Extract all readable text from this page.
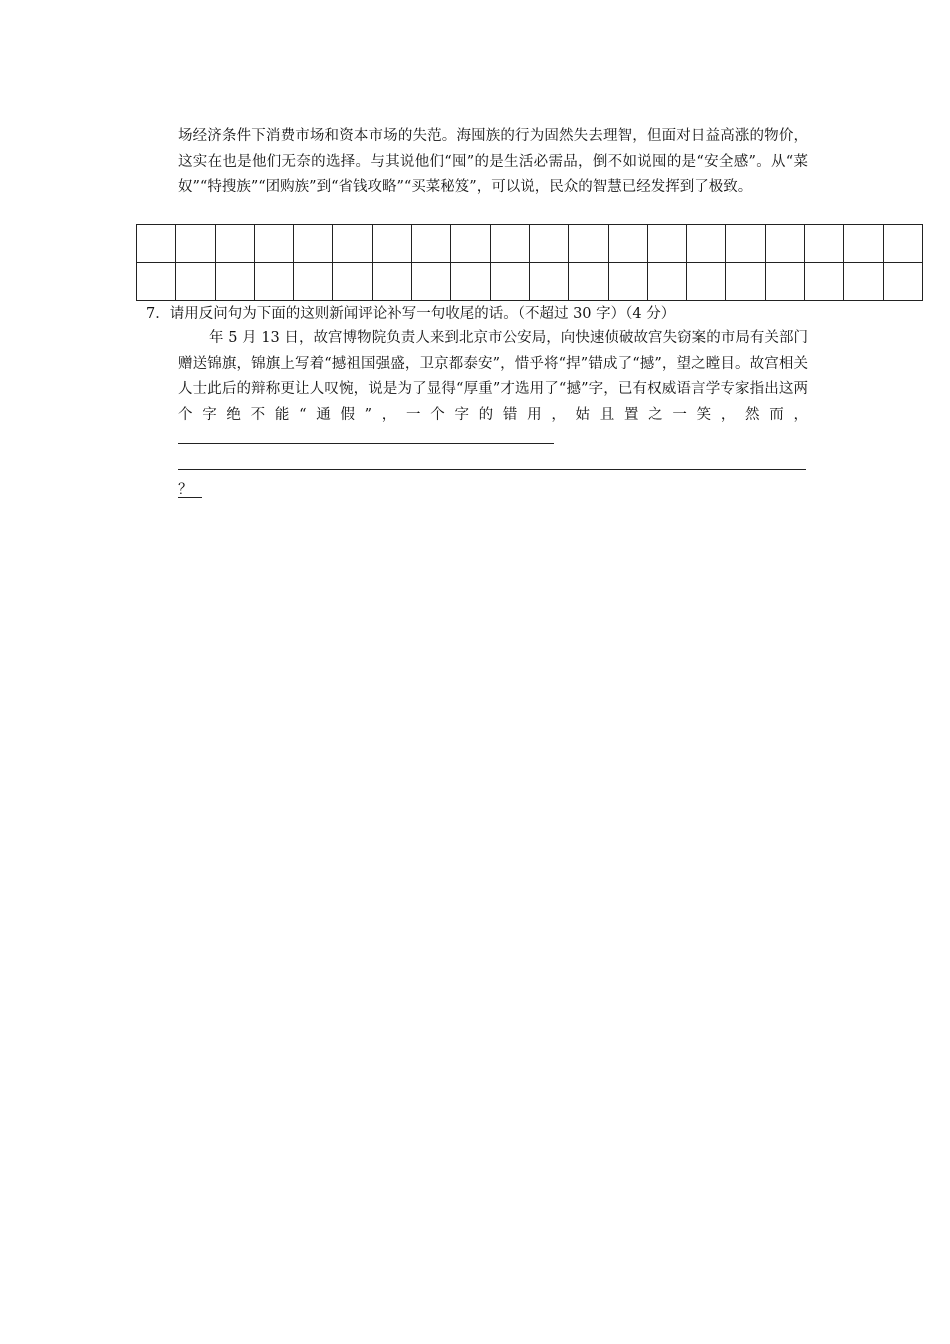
场经济条件下消费市场和资本市场的失范。海囤族的行为固然失去理智，但面对日益高涨的物价，这实在也是他们无奈的选择。与其说他们“囤”的是生活必需品，倒不如说囤的是“安全感”。从“菜奴”“特搜族”“团购族”到“省钱攻略”“买菜秘笈”，可以说，民众的智慧已经发挥到了极致。

7．请用反问句为下面的这则新闻评论补写一句收尾的话。（不超过 30 字）（4 分）
年 5 月 13 日，故宫博物院负责人来到北京市公安局，向快速侦破故宫失窃案的市局有关部门赠送锦旗，锦旗上写着“撼祖国强盛，卫京都泰安”，惜乎将“捍”错成了“撼”，望之瞠目。故宫相关人士此后的辩称更让人叹惋，说是为了显得“厚重”才选用了“撼”字，已有权威语言学专家指出这两个字绝不能“通假”，一个字的错用，姑且置之一笑，然而，
？
